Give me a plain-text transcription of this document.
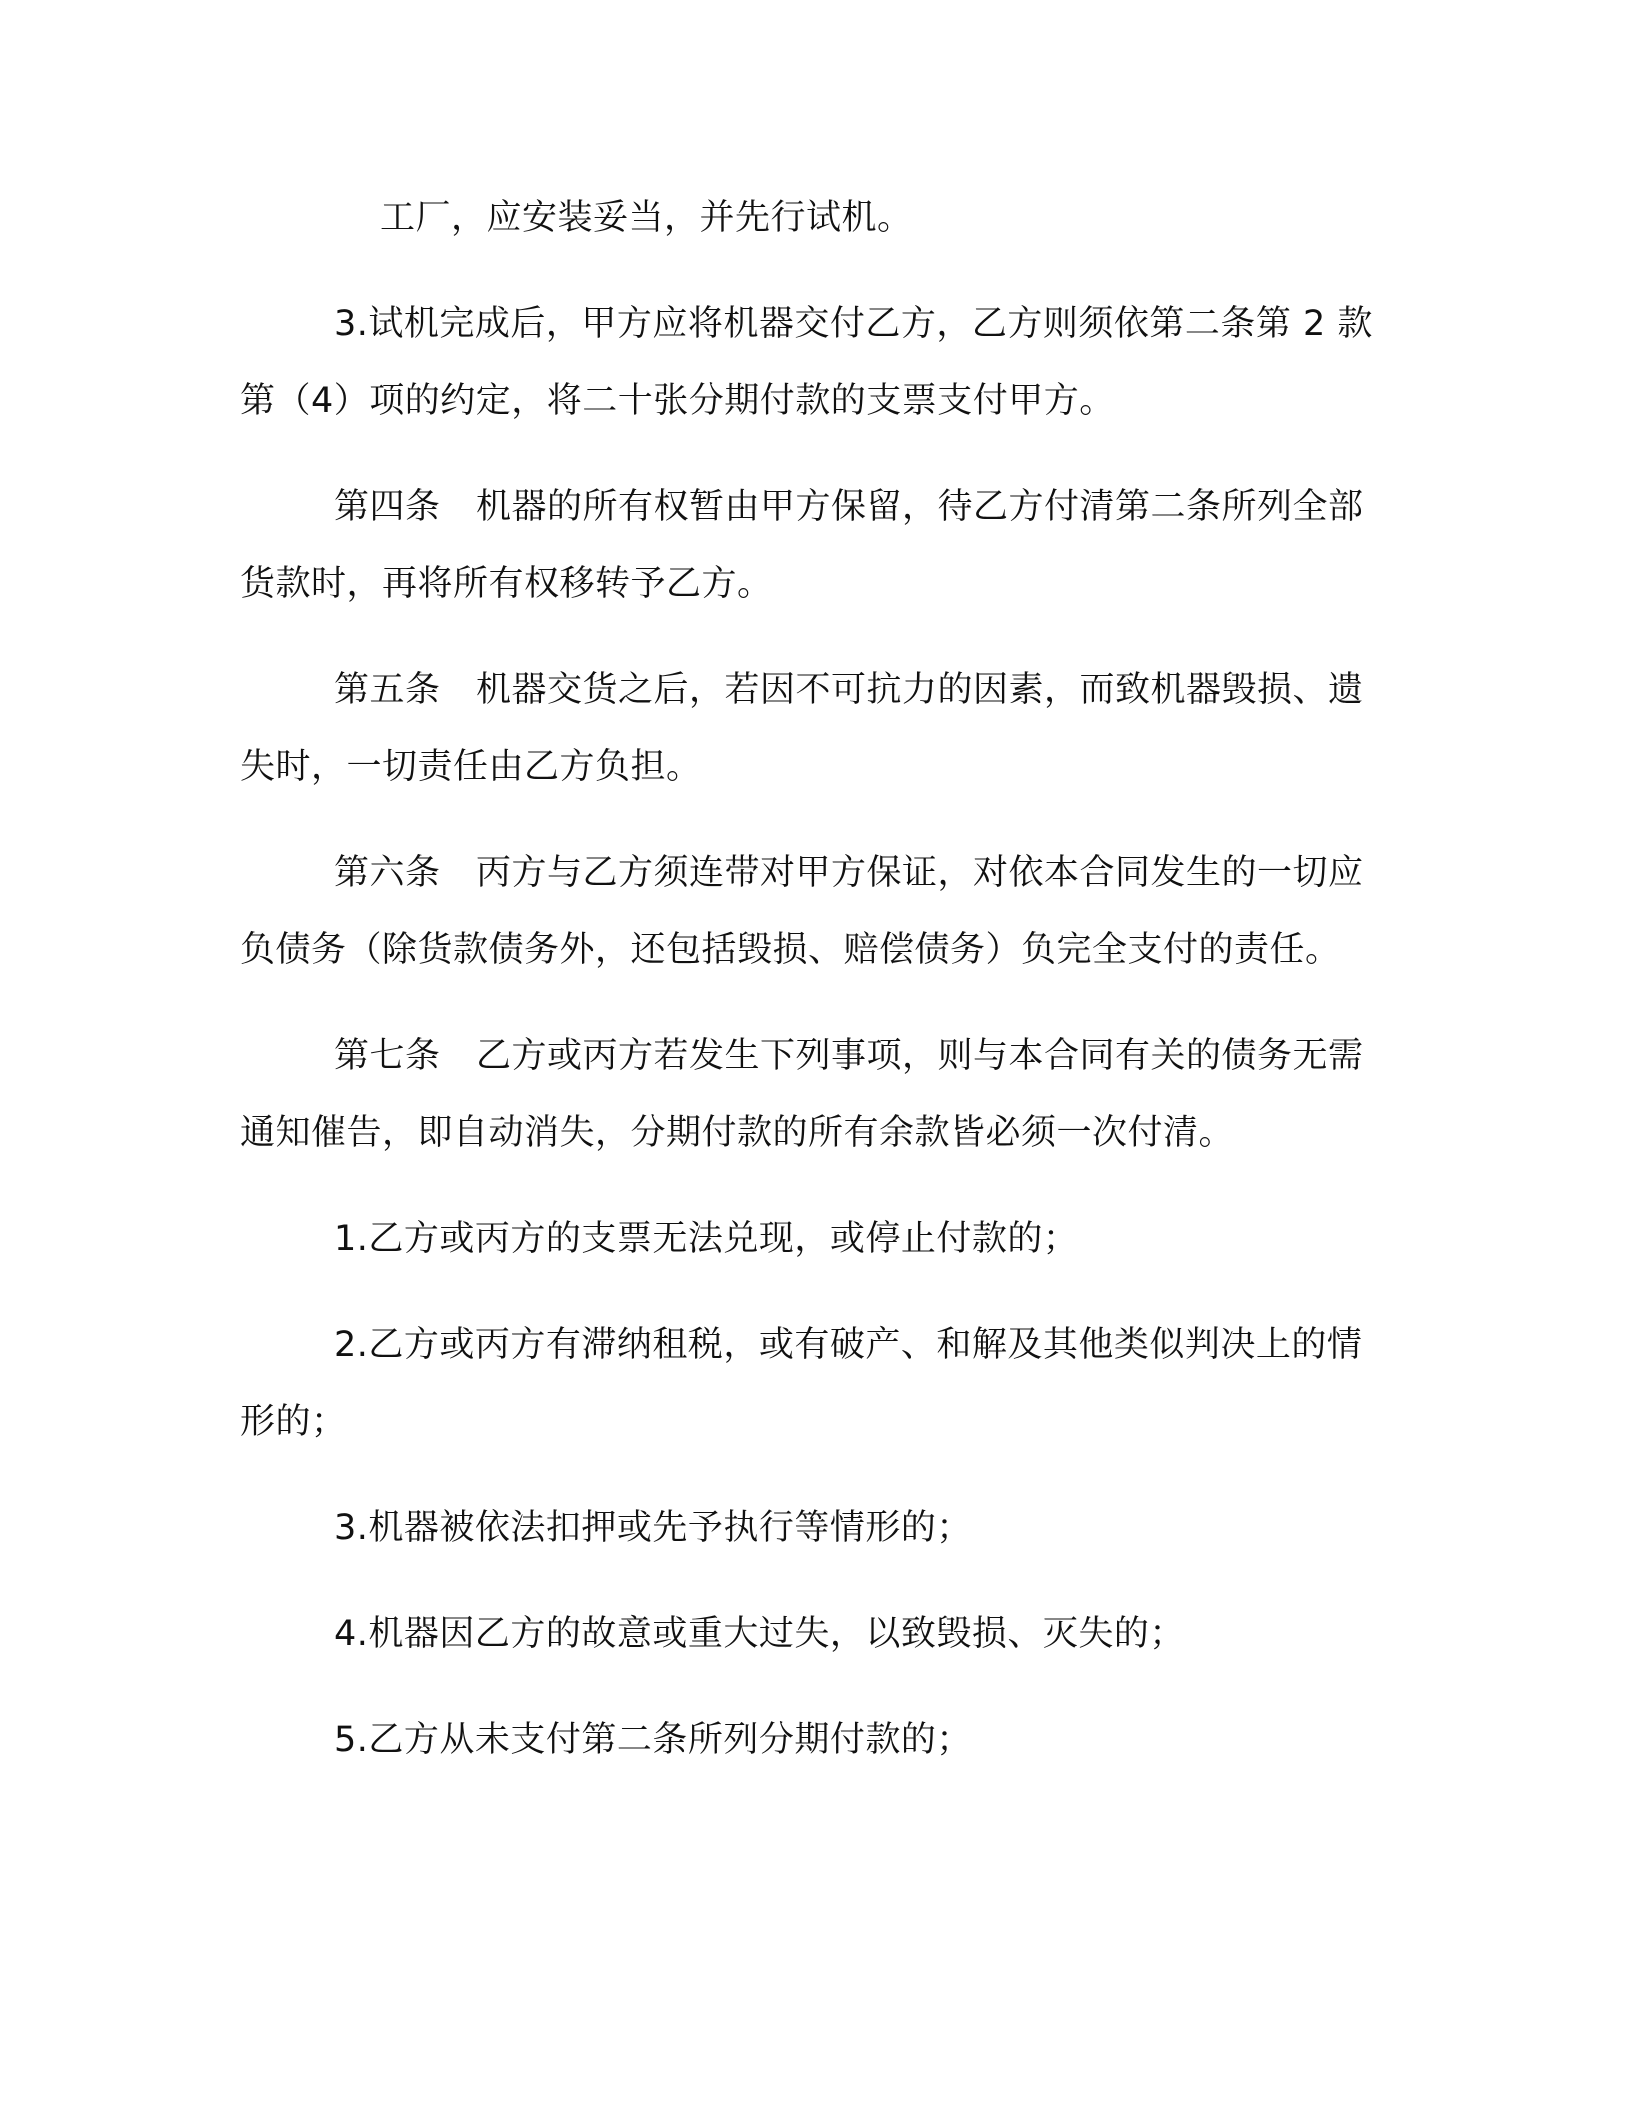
工厂，应安装妥当，并先行试机。

3.试机完成后，甲方应将机器交付乙方，乙方则须依第二条第 2 款第（4）项的约定，将二十张分期付款的支票支付甲方。

第四条　机器的所有权暂由甲方保留，待乙方付清第二条所列全部货款时，再将所有权移转予乙方。

第五条　机器交货之后，若因不可抗力的因素，而致机器毁损、遗失时，一切责任由乙方负担。

第六条　丙方与乙方须连带对甲方保证，对依本合同发生的一切应负债务（除货款债务外，还包括毁损、赔偿债务）负完全支付的责任。

第七条　乙方或丙方若发生下列事项，则与本合同有关的债务无需通知催告，即自动消失，分期付款的所有余款皆必须一次付清。

1.乙方或丙方的支票无法兑现，或停止付款的；

2.乙方或丙方有滞纳租税，或有破产、和解及其他类似判决上的情形的；

3.机器被依法扣押或先予执行等情形的；

4.机器因乙方的故意或重大过失，以致毁损、灭失的；

5.乙方从未支付第二条所列分期付款的；
